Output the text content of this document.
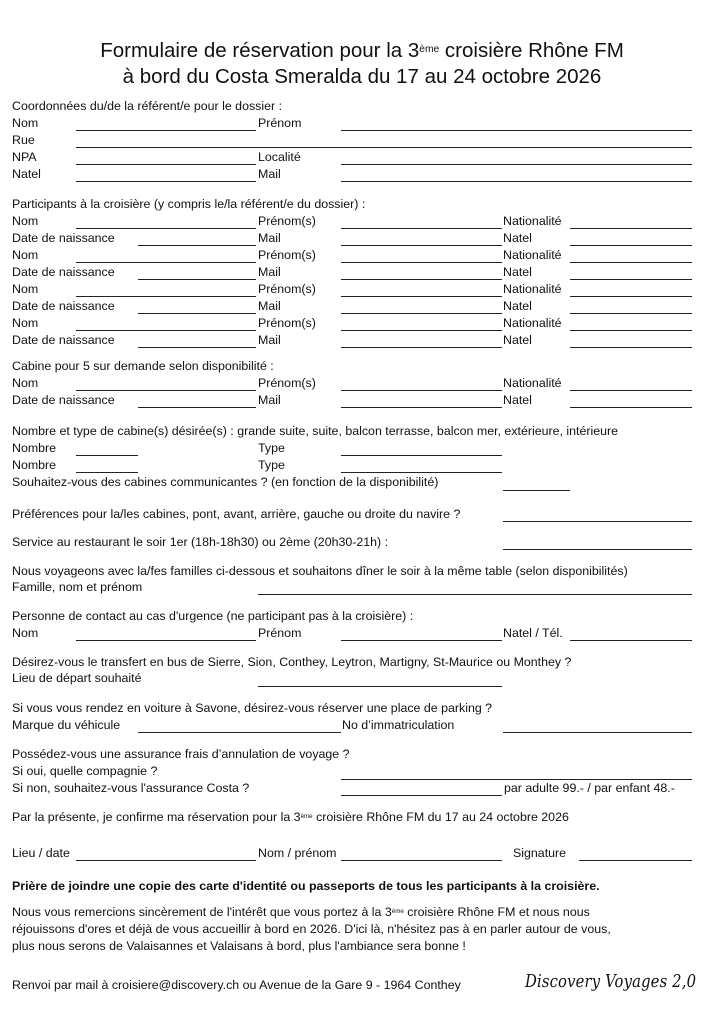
Formulaire de réservation pour la 3ème croisière Rhône FM
à bord du Costa Smeralda du 17 au 24 octobre 2026
Coordonnées du/de la référent/e pour le dossier :
Nom	Prénom
Rue
NPA	Localité
Natel	Mail
Participants à la croisière (y compris le/la référent/e du dossier) :
Nom	Prénom(s)	Nationalité
Date de naissance	Mail	Natel
Nom	Prénom(s)	Nationalité
Date de naissance	Mail	Natel
Nom	Prénom(s)	Nationalité
Date de naissance	Mail	Natel
Nom	Prénom(s)	Nationalité
Date de naissance	Mail	Natel
Cabine pour 5 sur demande selon disponibilité :
Nom	Prénom(s)	Nationalité
Date de naissance	Mail	Natel
Nombre et type de cabine(s) désirée(s) : grande suite, suite, balcon terrasse, balcon mer, extérieure, intérieure
Nombre	Type
Nombre	Type
Souhaitez-vous des cabines communicantes ? (en fonction de la disponibilité)
Préférences pour la/les cabines, pont, avant, arrière, gauche ou droite du navire ?
Service au restaurant le soir 1er (18h-18h30) ou 2ème (20h30-21h) :
Nous voyageons avec la/fes familles ci-dessous et souhaitons dîner le soir à la même table (selon disponibilités)
Famille, nom et prénom
Personne de contact au cas d'urgence (ne participant pas à la croisière) :
Nom	Prénom	Natel / Tél.
Désirez-vous le transfert en bus de Sierre, Sion, Conthey, Leytron, Martigny, St-Maurice ou Monthey ?
Lieu de départ souhaité
Si vous vous rendez en voiture à Savone, désirez-vous réserver une place de parking ?
Marque du véhicule	No d’immatriculation
Possédez-vous une assurance frais d’annulation de voyage ?
Si oui, quelle compagnie ?
Si non, souhaitez-vous l'assurance Costa ?	par adulte 99.- / par enfant 48.-
Par la présente, je confirme ma réservation pour la 3ème croisière Rhône FM du 17 au 24 octobre 2026
Lieu / date	Nom / prénom	Signature
Prière de joindre une copie des carte d'identité ou passeports de tous les participants à la croisière.
Nous vous remercions sincèrement de l'intérêt que vous portez à la 3ème croisière Rhône FM et nous nous
réjouissons d'ores et déjà de vous accueillir à bord en 2026. D'ici là, n'hésitez pas à en parler autour de vous,
plus nous serons de Valaisannes et Valaisans à bord, plus l'ambiance sera bonne !
Renvoi par mail à croisiere@discovery.ch ou Avenue de la Gare 9 - 1964 Conthey	Discovery Voyages 2,0
